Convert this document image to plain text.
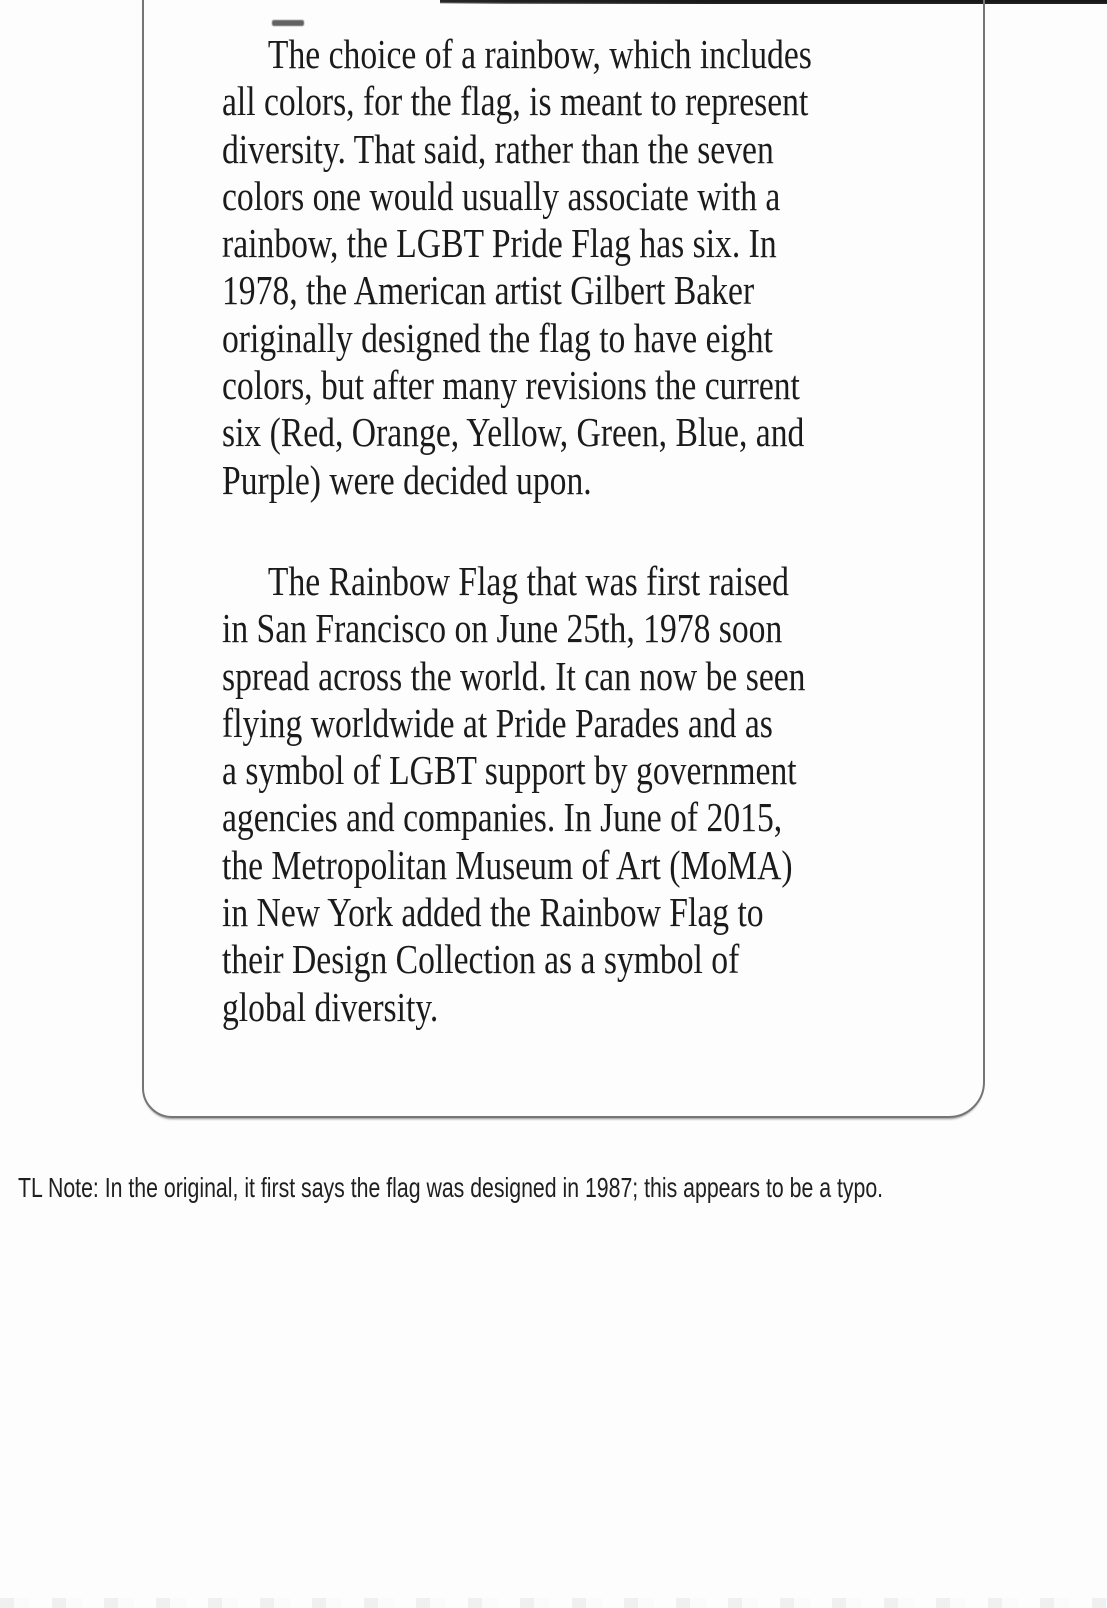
The choice of a rainbow, which includes
all colors, for the flag, is meant to represent
diversity. That said, rather than the seven
colors one would usually associate with a
rainbow, the LGBT Pride Flag has six. In
1978, the American artist Gilbert Baker
originally designed the flag to have eight
colors, but after many revisions the current
six (Red, Orange, Yellow, Green, Blue, and
Purple) were decided upon.
The Rainbow Flag that was first raised
in San Francisco on June 25th, 1978 soon
spread across the world. It can now be seen
flying worldwide at Pride Parades and as
a symbol of LGBT support by government
agencies and companies. In June of 2015,
the Metropolitan Museum of Art (MoMA)
in New York added the Rainbow Flag to
their Design Collection as a symbol of
global diversity.
TL Note: In the original, it first says the flag was designed in 1987; this appears to be a typo.
